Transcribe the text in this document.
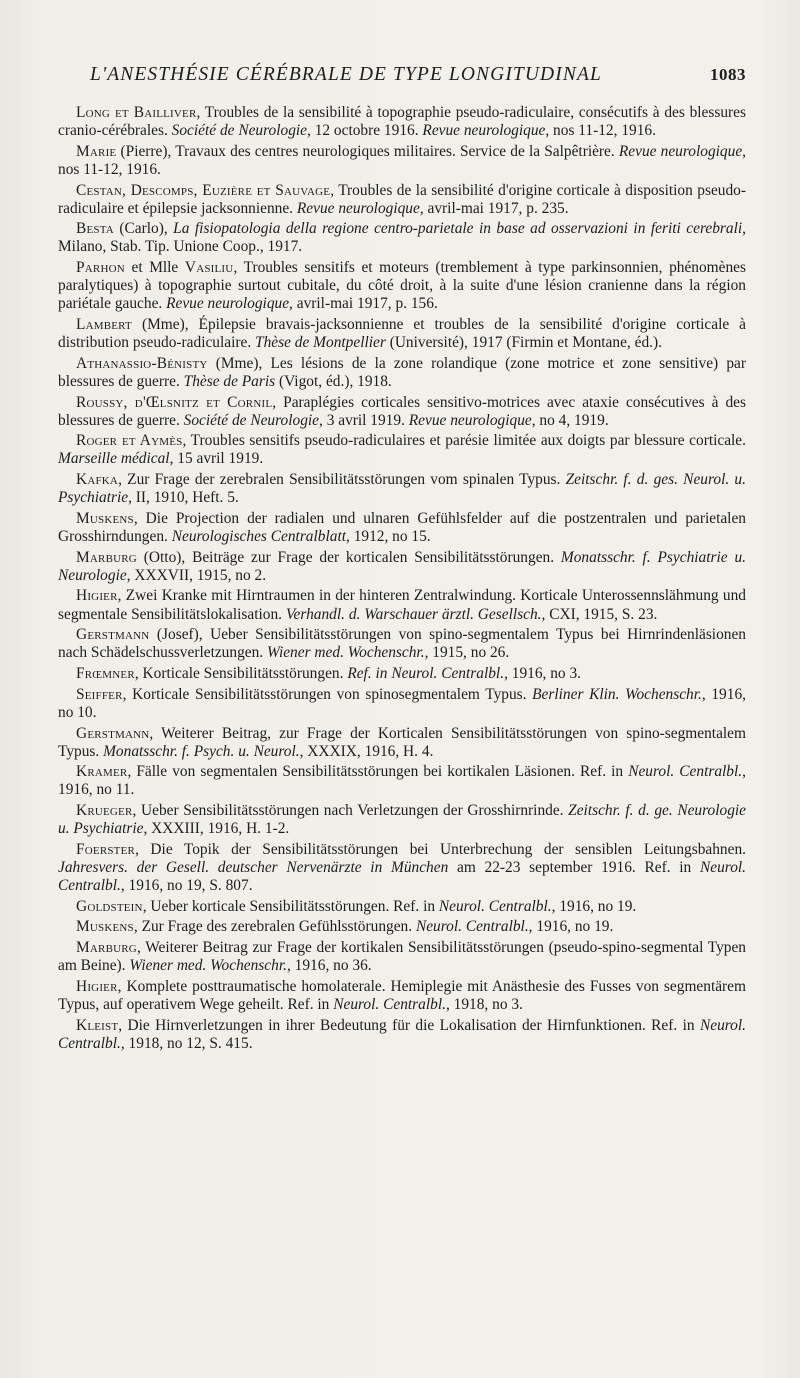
L'ANESTHÉSIE CÉRÉBRALE DE TYPE LONGITUDINAL	1083
Long et Bailliver, Troubles de la sensibilité à topographie pseudo-radiculaire, consécutifs à des blessures cranio-cérébrales. Société de Neurologie, 12 octobre 1916. Revue neurologique, nos 11-12, 1916.
Marie (Pierre), Travaux des centres neurologiques militaires. Service de la Salpêtrière. Revue neurologique, nos 11-12, 1916.
Cestan, Descomps, Euzière et Sauvage, Troubles de la sensibilité d'origine corticale à disposition pseudo-radiculaire et épilepsie jacksonnienne. Revue neurologique, avril-mai 1917, p. 235.
Besta (Carlo), La fisiopatologia della regione centro-parietale in base ad osservazioni in feriti cerebrali, Milano, Stab. Tip. Unione Coop., 1917.
Parhon et Mlle Vasiliu, Troubles sensitifs et moteurs (tremblement à type parkinsonnien, phénomènes paralytiques) à topographie surtout cubitale, du côté droit, à la suite d'une lésion cranienne dans la région pariétale gauche. Revue neurologique, avril-mai 1917, p. 156.
Lambert (Mme), Épilepsie bravais-jacksonnienne et troubles de la sensibilité d'origine corticale à distribution pseudo-radiculaire. Thèse de Montpellier (Université), 1917 (Firmin et Montane, éd.).
Athanassio-Bénisty (Mme), Les lésions de la zone rolandique (zone motrice et zone sensitive) par blessures de guerre. Thèse de Paris (Vigot, éd.), 1918.
Roussy, d'Œlsnitz et Cornil, Paraplégies corticales sensitivo-motrices avec ataxie consécutives à des blessures de guerre. Société de Neurologie, 3 avril 1919. Revue neurologique, no 4, 1919.
Roger et Aymès, Troubles sensitifs pseudo-radiculaires et parésie limitée aux doigts par blessure corticale. Marseille médical, 15 avril 1919.
Kafka, Zur Frage der zerebralen Sensibilitätsstörungen vom spinalen Typus. Zeitschr. f. d. ges. Neurol. u. Psychiatrie, II, 1910, Heft. 5.
Muskens, Die Projection der radialen und ulnaren Gefühlsfelder auf die postzentralen und parietalen Grosshirndungen. Neurologisches Centralblatt, 1912, no 15.
Marburg (Otto), Beiträge zur Frage der korticalen Sensibilitätsstörungen. Monatsschr. f. Psychiatrie u. Neurologie, XXXVII, 1915, no 2.
Higier, Zwei Kranke mit Hirntraumen in der hinteren Zentralwindung. Korticale Unterossennslähmung und segmentale Sensibilitätslokalisation. Verhandl. d. Warschauer ärztl. Gesellsch., CXI, 1915, S. 23.
Gerstmann (Josef), Ueber Sensibilitätsstörungen von spino-segmentalem Typus bei Hirnrindenläsionen nach Schädelschussverletzungen. Wiener med. Wochenschr., 1915, no 26.
Frœmner, Korticale Sensibilitätsstörungen. Ref. in Neurol. Centralbl., 1916, no 3.
Seiffer, Korticale Sensibilitätsstörungen von spinosegmentalem Typus. Berliner Klin. Wochenschr., 1916, no 10.
Gerstmann, Weiterer Beitrag, zur Frage der Korticalen Sensibilitätsstörungen von spino-segmentalem Typus. Monatsschr. f. Psych. u. Neurol., XXXIX, 1916, H. 4.
Kramer, Fälle von segmentalen Sensibilitätsstörungen bei kortikalen Läsionen. Ref. in Neurol. Centralbl., 1916, no 11.
Krueger, Ueber Sensibilitätsstörungen nach Verletzungen der Grosshirnrinde. Zeitschr. f. d. ge. Neurologie u. Psychiatrie, XXXIII, 1916, H. 1-2.
Foerster, Die Topik der Sensibilitätsstörungen bei Unterbrechung der sensiblen Leitungsbahnen. Jahresvers. der Gesell. deutscher Nervenärzte in München am 22-23 september 1916. Ref. in Neurol. Centralbl., 1916, no 19, S. 807.
Goldstein, Ueber korticale Sensibilitätsstörungen. Ref. in Neurol. Centralbl., 1916, no 19.
Muskens, Zur Frage des zerebralen Gefühlsstörungen. Neurol. Centralbl., 1916, no 19.
Marburg, Weiterer Beitrag zur Frage der kortikalen Sensibilitätsstörungen (pseudo-spino-segmental Typen am Beine). Wiener med. Wochenschr., 1916, no 36.
Higier, Komplete posttraumatische homolaterale. Hemiplegie mit Anästhesie des Fusses von segmentärem Typus, auf operativem Wege geheilt. Ref. in Neurol. Centralbl., 1918, no 3.
Kleist, Die Hirnverletzungen in ihrer Bedeutung für die Lokalisation der Hirnfunktionen. Ref. in Neurol. Centralbl., 1918, no 12, S. 415.
